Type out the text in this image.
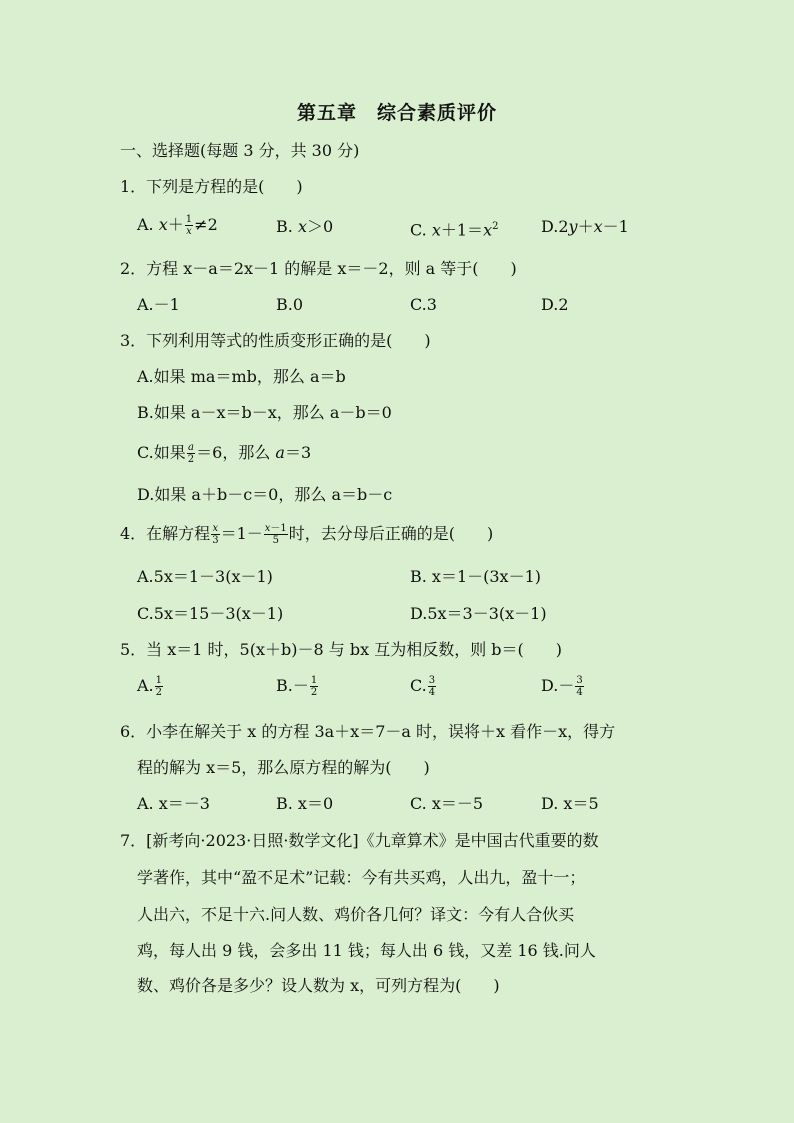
第五章　综合素质评价
一、选择题(每题 3 分，共 30 分)
1．下列是方程的是(　　)
A. $x+ \frac{1}{x} \ne 2$	B. x＞0	C. $x+1=x^2$	D.2y＋x－1
2．方程 x－a＝2x－1 的解是 x＝－2，则 a 等于(　　)
A.－1	B.0	C.3	D.2
3．下列利用等式的性质变形正确的是(　　)
A.如果 ma＝mb，那么 a＝b
B.如果 a－x＝b－x，那么 a－b＝0
C.如果 $\frac{a}{2} =6$，那么 a＝3
D.如果 a＋b－c＝0，那么 a＝b－c
4．在解方程 $\frac{x}{3} =1- \frac{x-1}{5}$ 时，去分母后正确的是(　　)
A.5x＝1－3(x－1)	B. x＝1－(3x－1)
C.5x＝15－3(x－1)	D.5x＝3－3(x－1)
5．当 x＝1 时，5(x＋b)－8 与 bx 互为相反数，则 b＝(　　)
A. $\frac{1}{2}$	$B.- \frac{1}{2}$	C. $\frac{3}{4}$	$D.- \frac{3}{4}$
6．小李在解关于 x 的方程 3a＋x＝7－a 时，误将＋x 看作－x，得方
程的解为 x＝5，那么原方程的解为(　　)
A. x＝－3	B. x＝0	C. x＝－5	D. x＝5
7．[新考向·2023·日照·数学文化]《九章算术》是中国古代重要的数
学著作，其中“盈不足术”记载：今有共买鸡，人出九，盈十一；
人出六，不足十六.问人数、鸡价各几何？译文：今有人合伙买
鸡，每人出 9 钱，会多出 11 钱；每人出 6 钱，又差 16 钱.问人
数、鸡价各是多少？设人数为 x，可列方程为(　　)
